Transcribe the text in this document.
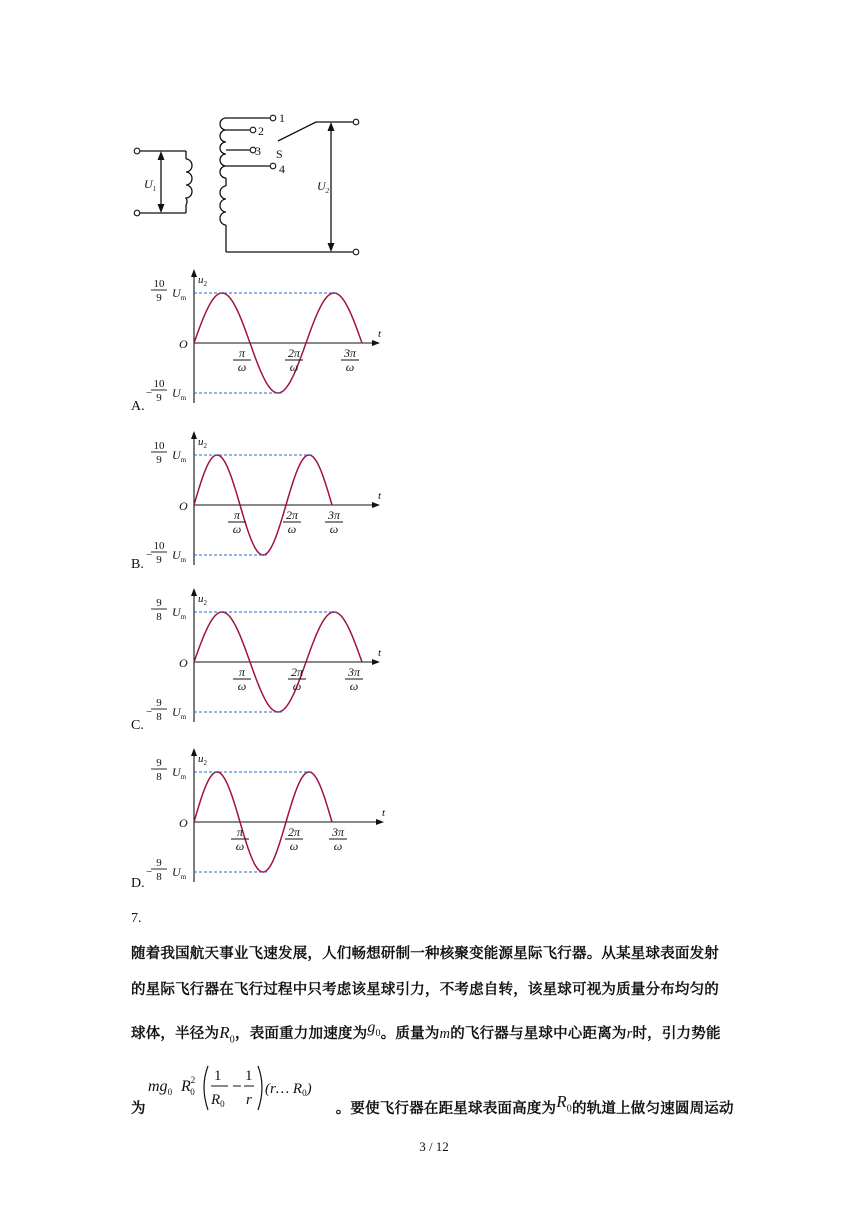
1
2
3
4
S
$U_1$	$U_2$
O
$u_2$
t
10
9 $U_m$
−
10
9 $U_m$
π
ω
2π
ω
3π
ω
A.
O
$u_2$
t
10
9 $U_m$
−
10
9 $U_m$
π
ω
2π
ω
3π
ω
B.
O
$u_2$
t
9
8 $U_m$
−
9
8 $U_m$
π
ω
2π
ω
3π
ω
C.
O
$u_2$
t
9
8 $U_m$
−
9
8 $U_m$
π
ω
2π
ω
3π
ω
D.
7.
随着我国航天事业飞速发展，人们畅想研制一种核聚变能源星际飞行器。从某星球表面发射
的星际飞行器在飞行过程中只考虑该星球引力，不考虑自转，该星球可视为质量分布均匀的
球体，半径为$R_0$，表面重力加速度为$g_0$。质量为m的飞行器与星球中心距离为r时，引力势能
$mg_0$ $R^2$ 0
1
$R_0$
1
r
(r… $R_0$)
为	。要使飞行器在距星球表面高度为$R_0$的轨道上做匀速圆周运动
3 / 12
